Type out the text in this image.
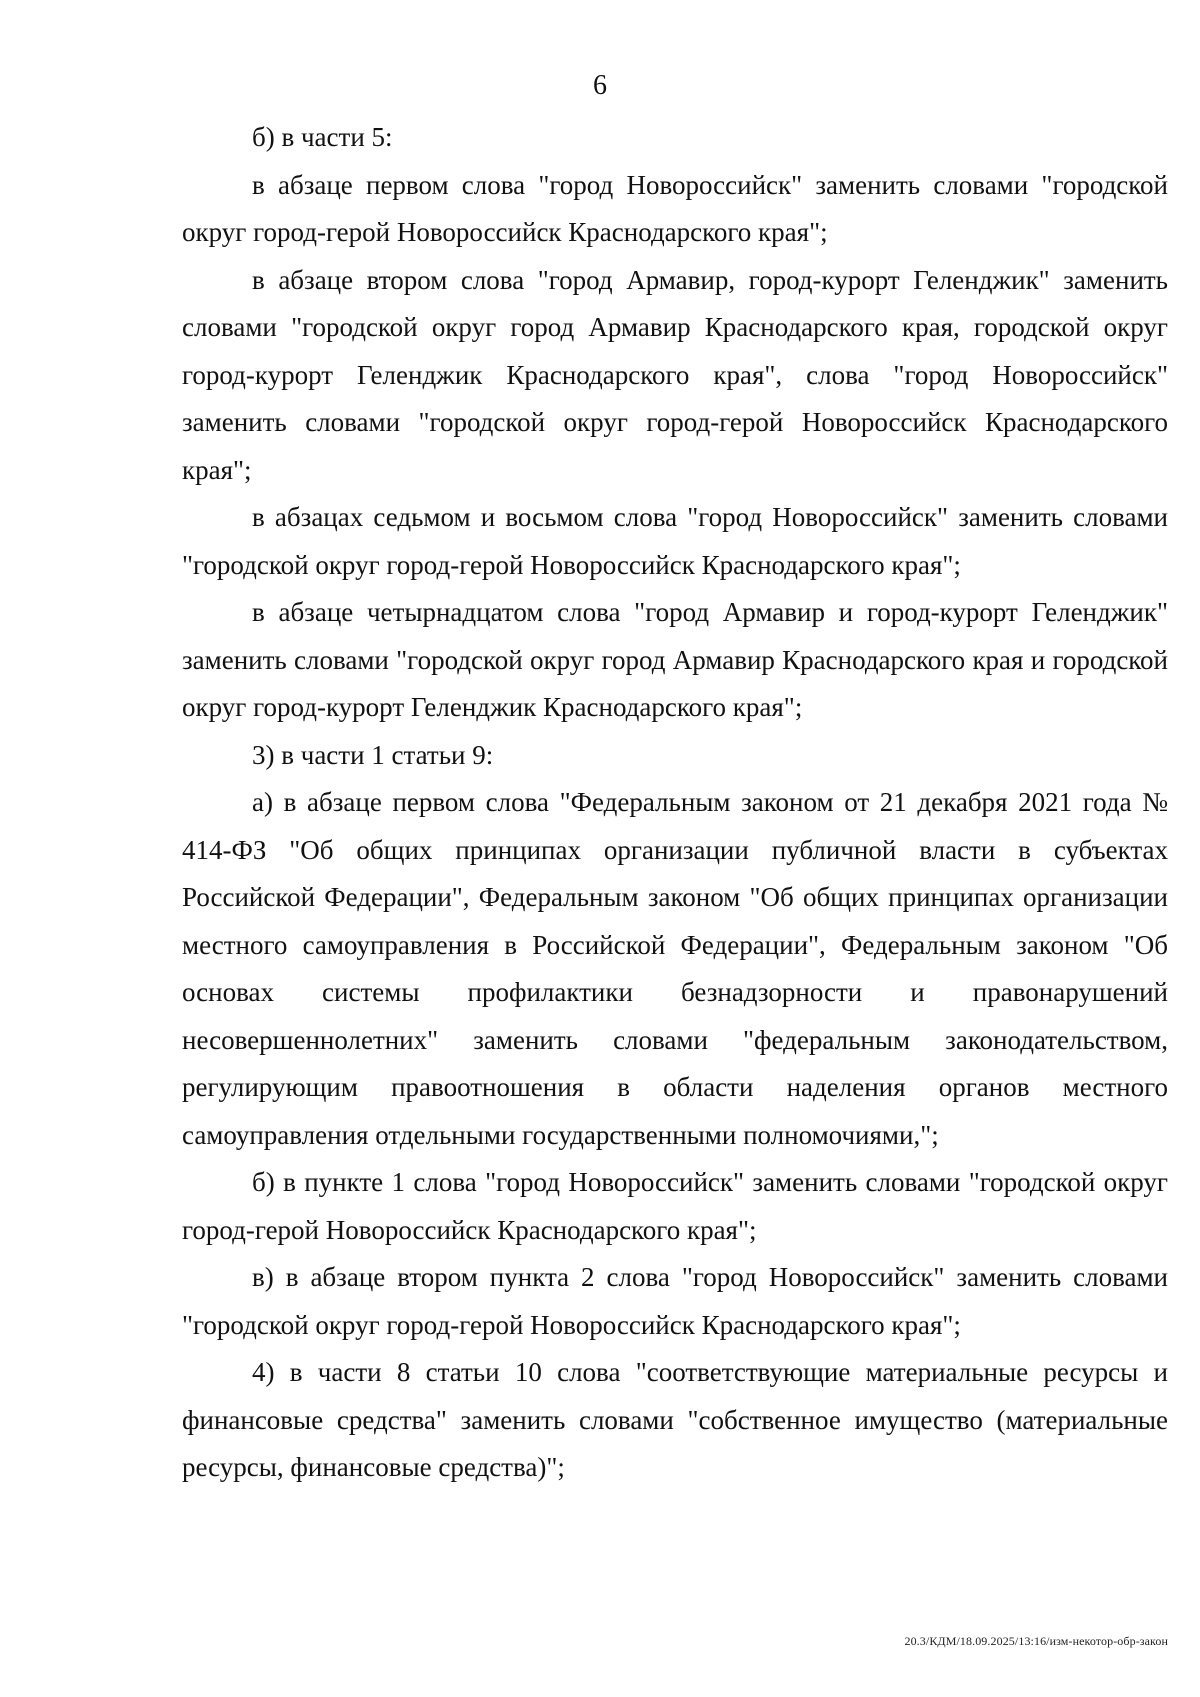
6

б) в части 5:

в абзаце первом слова "город Новороссийск" заменить словами "городской округ город-герой Новороссийск Краснодарского края";

в абзаце втором слова "город Армавир, город-курорт Геленджик" заменить словами "городской округ город Армавир Краснодарского края, городской округ город-курорт Геленджик Краснодарского края", слова "город Новороссийск" заменить словами "городской округ город-герой Новороссийск Краснодарского края";

в абзацах седьмом и восьмом слова "город Новороссийск" заменить словами "городской округ город-герой Новороссийск Краснодарского края";

в абзаце четырнадцатом слова "город Армавир и город-курорт Геленджик" заменить словами "городской округ город Армавир Краснодарского края и городской округ город-курорт Геленджик Краснодарского края";

3) в части 1 статьи 9:

а) в абзаце первом слова "Федеральным законом от 21 декабря 2021 года № 414-ФЗ "Об общих принципах организации публичной власти в субъектах Российской Федерации", Федеральным законом "Об общих принципах организации местного самоуправления в Российской Федерации", Федеральным законом "Об основах системы профилактики безнадзорности и правонарушений несовершеннолетних" заменить словами "федеральным законодательством, регулирующим правоотношения в области наделения органов местного самоуправления отдельными государственными полномочиями,";

б) в пункте 1 слова "город Новороссийск" заменить словами "городской округ город-герой Новороссийск Краснодарского края";

в) в абзаце втором пункта 2 слова "город Новороссийск" заменить словами "городской округ город-герой Новороссийск Краснодарского края";

4) в части 8 статьи 10 слова "соответствующие материальные ресурсы и финансовые средства" заменить словами "собственное имущество (материальные ресурсы, финансовые средства)";

20.3/КДМ/18.09.2025/13:16/изм-некотор-обр-закон
